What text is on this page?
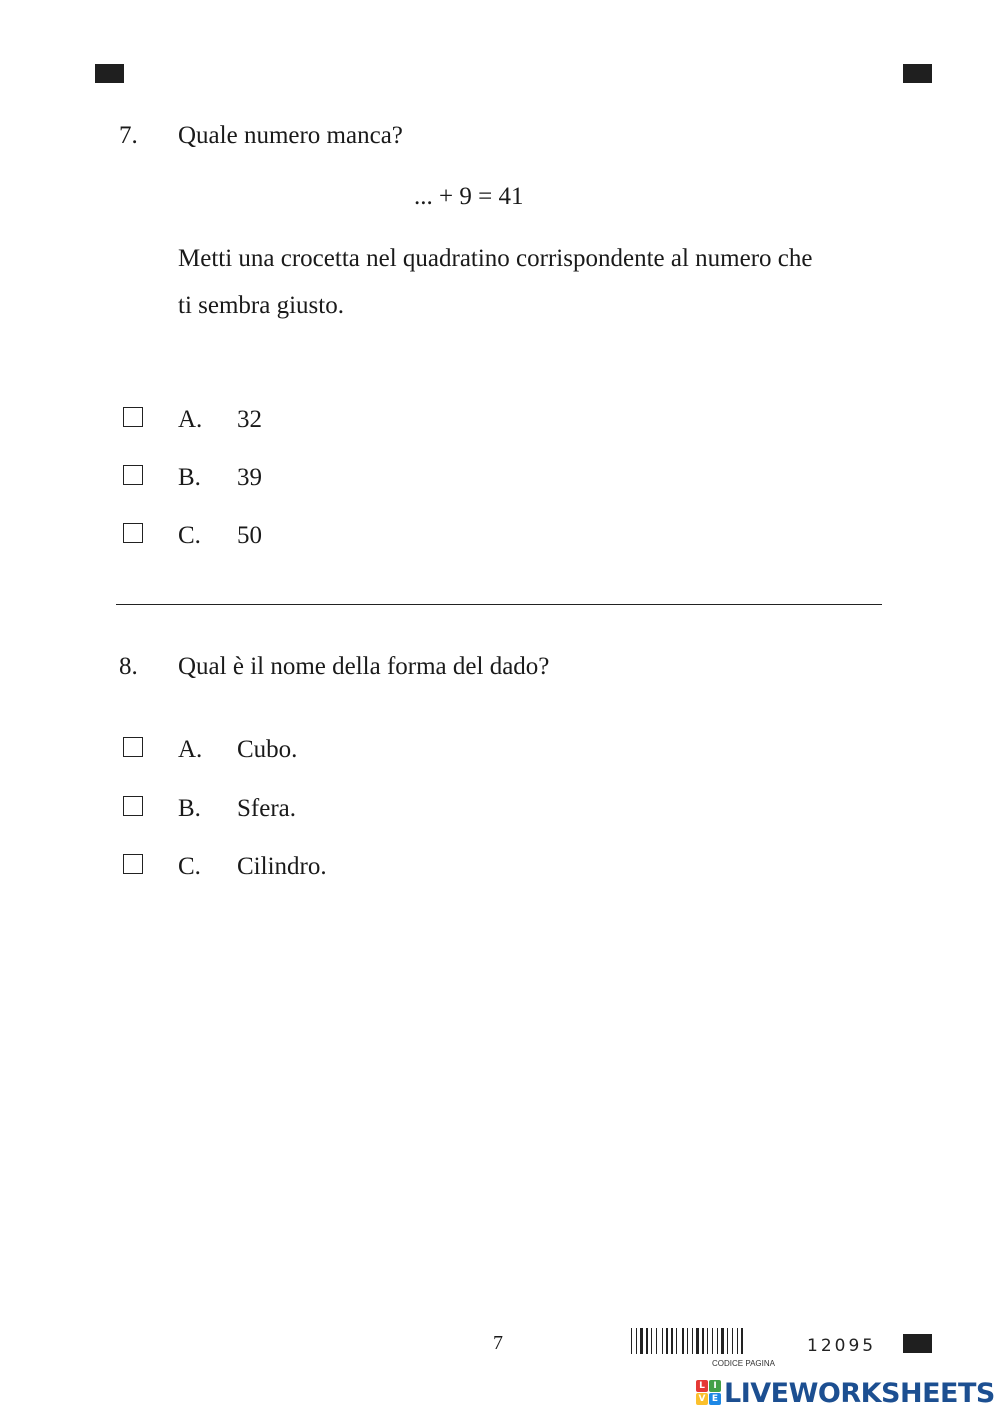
7. Quale numero manca?
... + 9 = 41
Metti una crocetta nel quadratino corrispondente al numero che
ti sembra giusto.
A. 32
B. 39
C. 50
8. Qual è il nome della forma del dado?
A. Cubo.
B. Sfera.
C. Cilindro.
7
CODICE PAGINA
12095
L I
V E LIVEWORKSHEETS
